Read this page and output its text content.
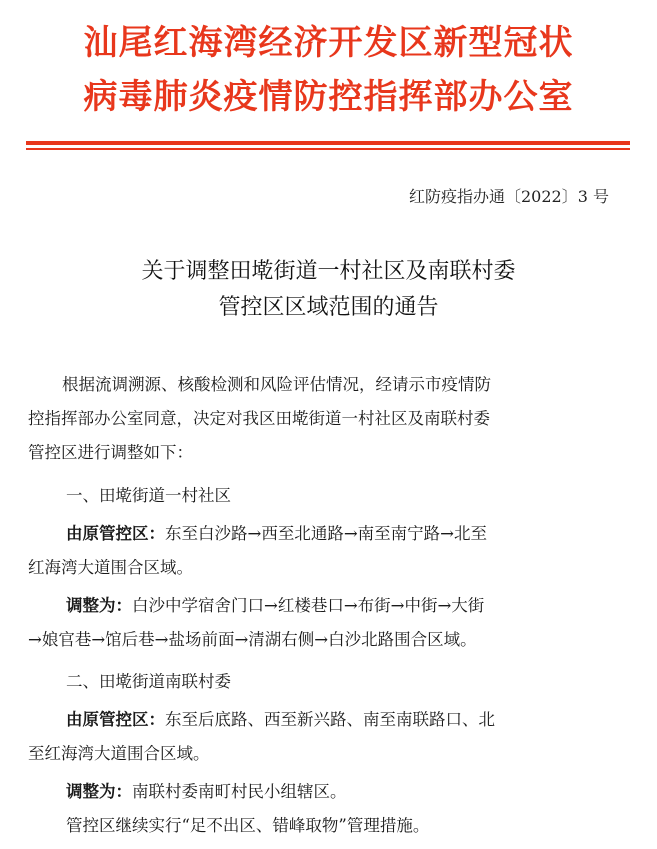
汕尾红海湾经济开发区新型冠状
病毒肺炎疫情防控指挥部办公室
红防疫指办通〔2022〕3 号
关于调整田墘街道一村社区及南联村委
管控区区域范围的通告
根据流调溯源、核酸检测和风险评估情况，经请示市疫情防
控指挥部办公室同意，决定对我区田墘街道一村社区及南联村委
管控区进行调整如下：
一、田墘街道一村社区
由原管控区：东至白沙路→西至北通路→南至南宁路→北至
红海湾大道围合区域。
调整为：白沙中学宿舍门口→红楼巷口→布街→中街→大街
→娘官巷→馆后巷→盐场前面→清湖右侧→白沙北路围合区域。
二、田墘街道南联村委
由原管控区：东至后底路、西至新兴路、南至南联路口、北
至红海湾大道围合区域。
调整为：南联村委南町村民小组辖区。
管控区继续实行“足不出区、错峰取物”管理措施。
